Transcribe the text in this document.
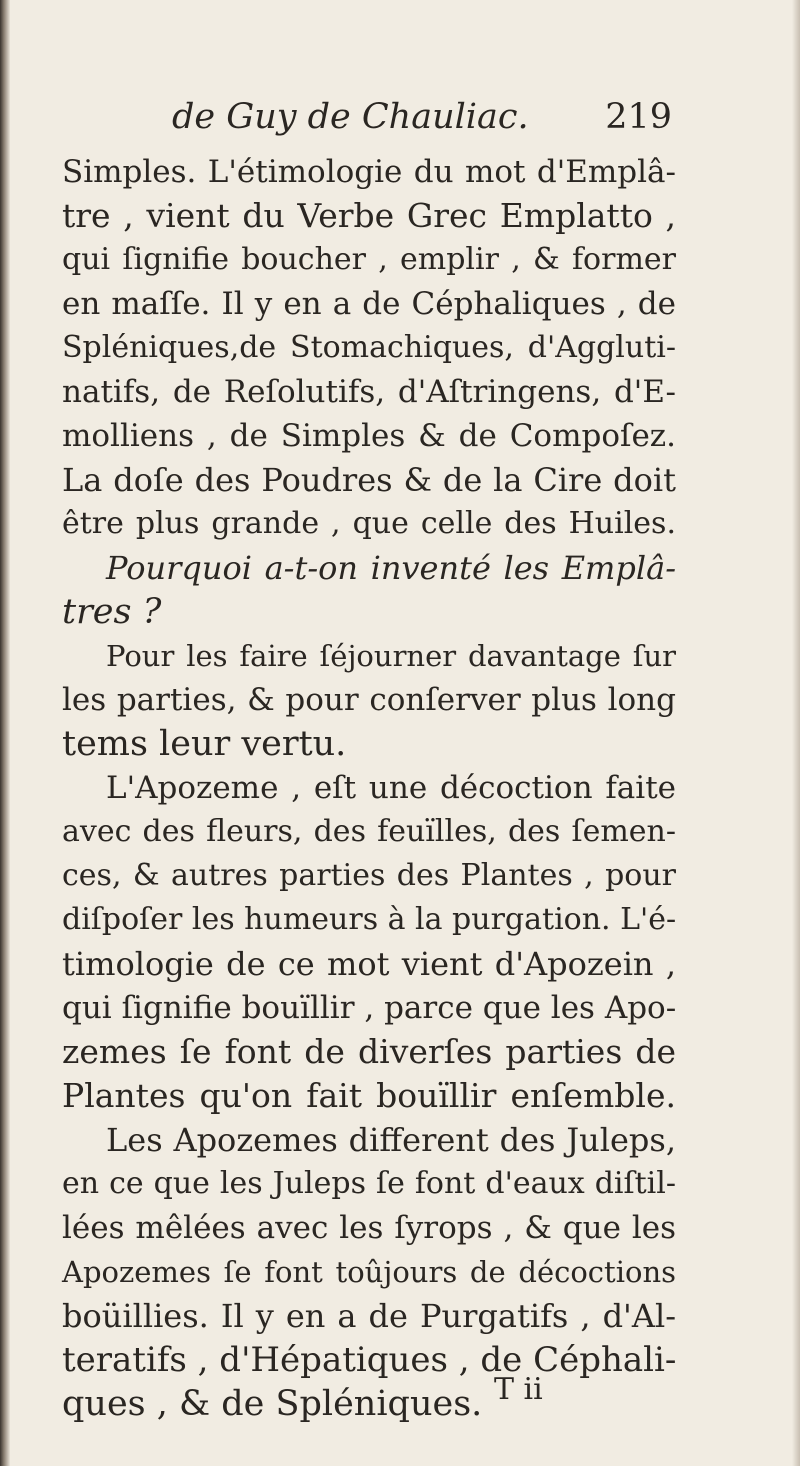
de Guy de Chauliac. 219
Simples. L'étimologie du mot d'Emplâ-
tre , vient du Verbe Grec Emplatto ,
qui ſignifie boucher , emplir , & former
en maſſe. Il y en a de Céphaliques , de
Spléniques,de Stomachiques, d'Aggluti-
natifs, de Reſolutifs, d'Aſtringens, d'E-
molliens , de Simples & de Compoſez.
La doſe des Poudres & de la Cire doit
être plus grande , que celle des Huiles.
Pourquoi a-t-on inventé les Emplâ-
tres ?
Pour les faire ſéjourner davantage ſur
les parties, & pour conſerver plus long
tems leur vertu.
L'Apozeme , eſt une décoction faite
avec des fleurs, des feuïlles, des ſemen-
ces, & autres parties des Plantes , pour
diſpoſer les humeurs à la purgation. L'é-
timologie de ce mot vient d'Apozein ,
qui ſignifie bouïllir , parce que les Apo-
zemes ſe font de diverſes parties de
Plantes qu'on fait bouïllir enſemble.
Les Apozemes different des Juleps,
en ce que les Juleps ſe font d'eaux diſtil-
lées mêlées avec les ſyrops , & que les
Apozemes ſe font toûjours de décoctions
boüillies. Il y en a de Purgatifs , d'Al-
teratifs , d'Hépatiques , de Céphali-
ques , & de Spléniques. T ii
